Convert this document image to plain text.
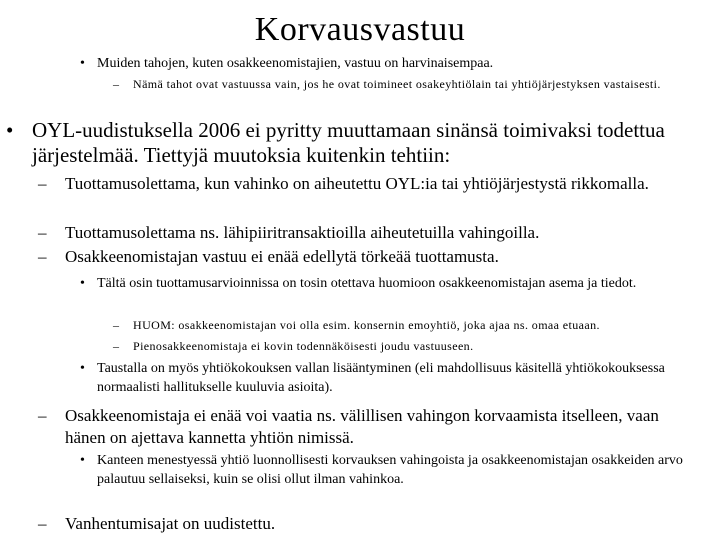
Korvausvastuu
• Muiden tahojen, kuten osakkeenomistajien, vastuu on harvinaisempaa.
–	Nämä tahot ovat vastuussa vain, jos he ovat toimineet osakeyhtiölain tai yhtiöjärjestyksen vastaisesti.
• OYL-uudistuksella 2006 ei pyritty muuttamaan sinänsä toimivaksi todettua järjestelmää. Tiettyjä muutoksia kuitenkin tehtiin:
–	Tuottamusolettama, kun vahinko on aiheutettu OYL:ia tai yhtiöjärjestystä rikkomalla.
–	Tuottamusolettama ns. lähipiiritransaktioilla aiheutetuilla vahingoilla.
–	Osakkeenomistajan vastuu ei enää edellytä törkeää tuottamusta.
• Tältä osin tuottamusarvioinnissa on tosin otettava huomioon osakkeenomistajan asema ja tiedot.
–	HUOM: osakkeenomistajan voi olla esim. konsernin emoyhtiö, joka ajaa ns. omaa etuaan.
–	Pienosakkeenomistaja ei kovin todennäköisesti joudu vastuuseen.
• Taustalla on myös yhtiökokouksen vallan lisääntyminen (eli mahdollisuus käsitellä yhtiökokouksessa normaalisti hallitukselle kuuluvia asioita).
–	Osakkeenomistaja ei enää voi vaatia ns. välillisen vahingon korvaamista itselleen, vaan hänen on ajettava kannetta yhtiön nimissä.
• Kanteen menestyessä yhtiö luonnollisesti korvauksen vahingoista ja osakkeenomistajan osakkeiden arvo palautuu sellaiseksi, kuin se olisi ollut ilman vahinkoa.
–	Vanhentumisajat on uudistettu.
